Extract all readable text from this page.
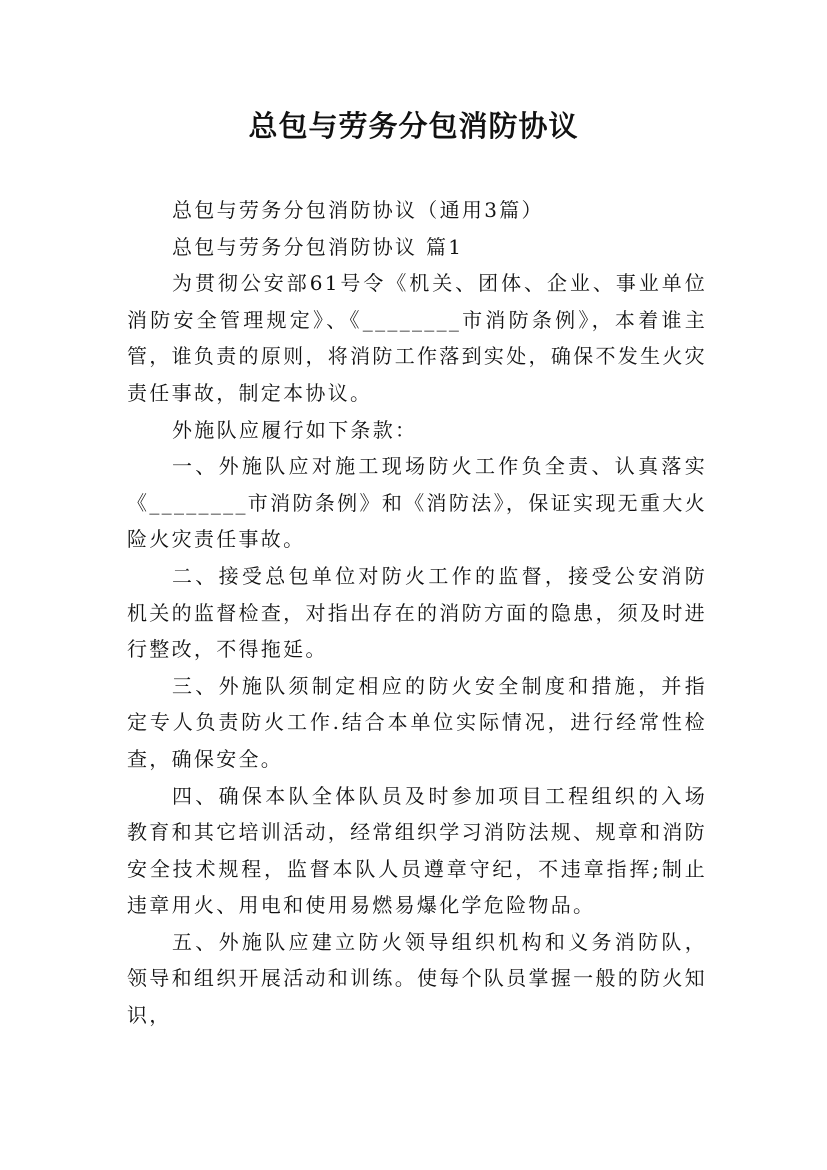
总包与劳务分包消防协议

总包与劳务分包消防协议（通用3篇）

总包与劳务分包消防协议 篇1

为贯彻公安部61号令《机关、团体、企业、事业单位消防安全管理规定》、《________市消防条例》，本着谁主管，谁负责的原则，将消防工作落到实处，确保不发生火灾责任事故，制定本协议。

外施队应履行如下条款：

一、外施队应对施工现场防火工作负全责、认真落实《________市消防条例》和《消防法》，保证实现无重大火险火灾责任事故。

二、接受总包单位对防火工作的监督，接受公安消防机关的监督检查，对指出存在的消防方面的隐患，须及时进行整改，不得拖延。

三、外施队须制定相应的防火安全制度和措施，并指定专人负责防火工作.结合本单位实际情况，进行经常性检查，确保安全。

四、确保本队全体队员及时参加项目工程组织的入场教育和其它培训活动，经常组织学习消防法规、规章和消防安全技术规程，监督本队人员遵章守纪，不违章指挥;制止违章用火、用电和使用易燃易爆化学危险物品。

五、外施队应建立防火领导组织机构和义务消防队，领导和组织开展活动和训练。使每个队员掌握一般的防火知识，
